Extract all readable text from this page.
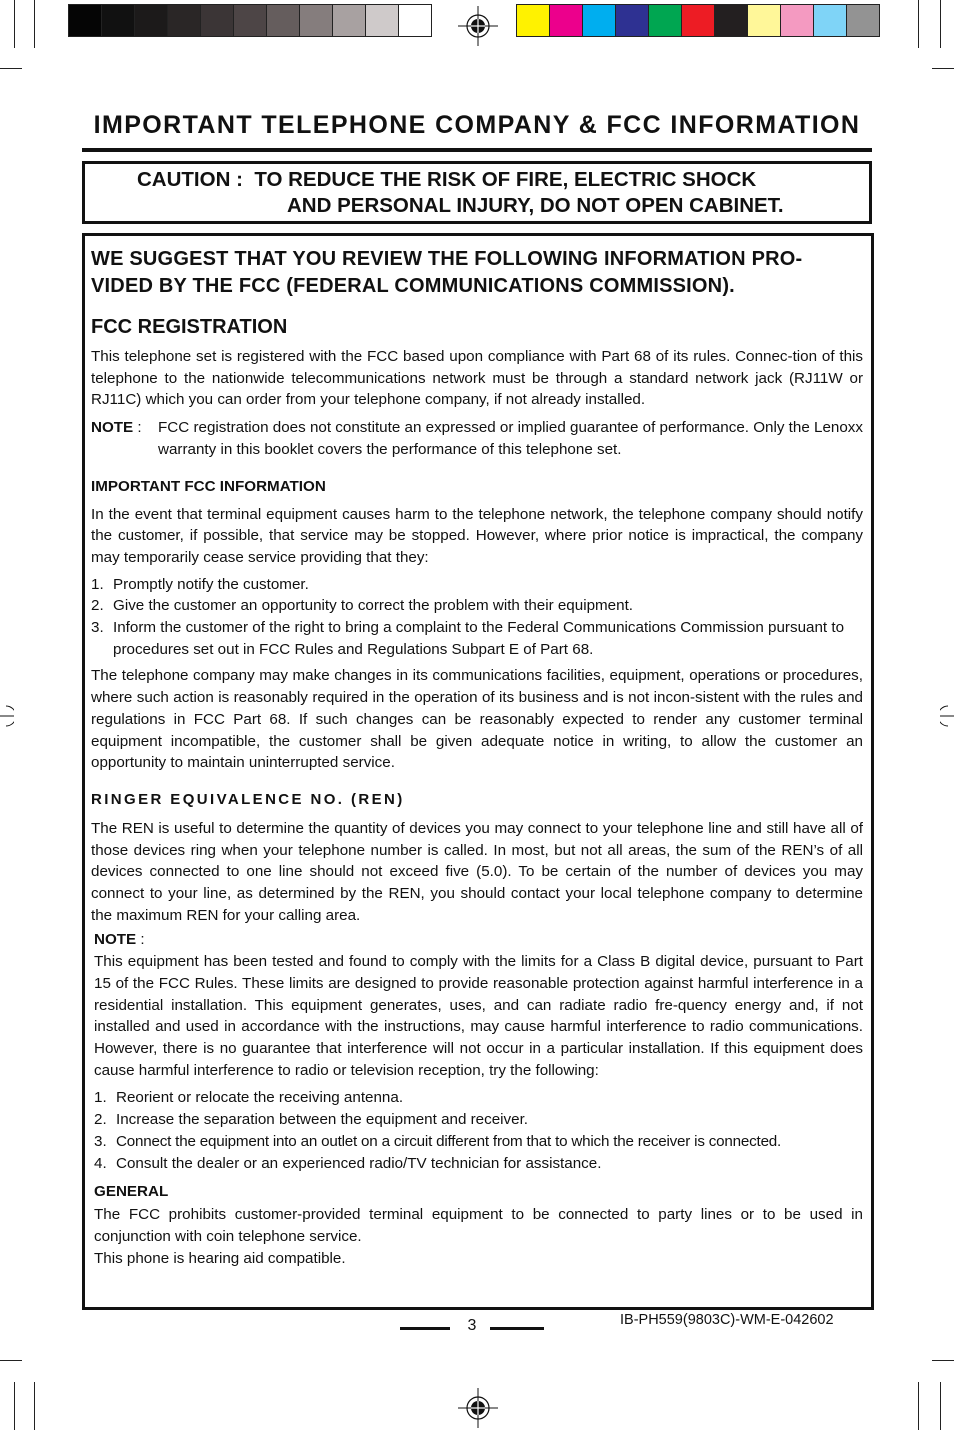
IMPORTANT TELEPHONE COMPANY & FCC INFORMATION
CAUTION : TO REDUCE THE RISK OF FIRE, ELECTRIC SHOCK
AND PERSONAL INJURY, DO NOT OPEN CABINET.
WE SUGGEST THAT YOU REVIEW THE FOLLOWING INFORMATION PRO-
VIDED BY THE FCC (FEDERAL COMMUNICATIONS COMMISSION).
FCC REGISTRATION
This telephone set is registered with the FCC based upon compliance with Part 68 of its rules. Connec-tion of this telephone to the nationwide telecommunications network must be through a standard network jack (RJ11W or RJ11C) which you can order from your telephone company, if not already installed.
NOTE :	FCC registration does not constitute an expressed or implied guarantee of performance. Only the Lenoxx warranty in this booklet covers the performance of this telephone set.
IMPORTANT FCC INFORMATION
In the event that terminal equipment causes harm to the telephone network, the telephone company should notify the customer, if possible, that service may be stopped. However, where prior notice is impractical, the company may temporarily cease service providing that they:
1. Promptly notify the customer.
2. Give the customer an opportunity to correct the problem with their equipment.
3. Inform the customer of the right to bring a complaint to the Federal Communications Commission pursuant to procedures set out in FCC Rules and Regulations Subpart E of Part 68.
The telephone company may make changes in its communications facilities, equipment, operations or procedures, where such action is reasonably required in the operation of its business and is not incon-sistent with the rules and regulations in FCC Part 68. If such changes can be reasonably expected to render any customer terminal equipment incompatible, the customer shall be given adequate notice in writing, to allow the customer an opportunity to maintain uninterrupted service.
RINGER EQUIVALENCE NO. (REN)
The REN is useful to determine the quantity of devices you may connect to your telephone line and still have all of those devices ring when your telephone number is called. In most, but not all areas, the sum of the REN’s of all devices connected to one line should not exceed five (5.0). To be certain of the number of devices you may connect to your line, as determined by the REN, you should contact your local telephone company to determine the maximum REN for your calling area.
NOTE :
This equipment has been tested and found to comply with the limits for a Class B digital device, pursuant to Part 15 of the FCC Rules. These limits are designed to provide reasonable protection against harmful interference in a residential installation. This equipment generates, uses, and can radiate radio fre-quency energy and, if not installed and used in accordance with the instructions, may cause harmful interference to radio communications. However, there is no guarantee that interference will not occur in a particular installation. If this equipment does cause harmful interference to radio or television reception, try the following:
1. Reorient or relocate the receiving antenna.
2. Increase the separation between the equipment and receiver.
3. Connect the equipment into an outlet on a circuit different from that to which the receiver is connected.
4. Consult the dealer or an experienced radio/TV technician for assistance.
GENERAL
The FCC prohibits customer-provided terminal equipment to be connected to party lines or to be used in conjunction with coin telephone service.
This phone is hearing aid compatible.
3	IB-PH559(9803C)-WM-E-042602
